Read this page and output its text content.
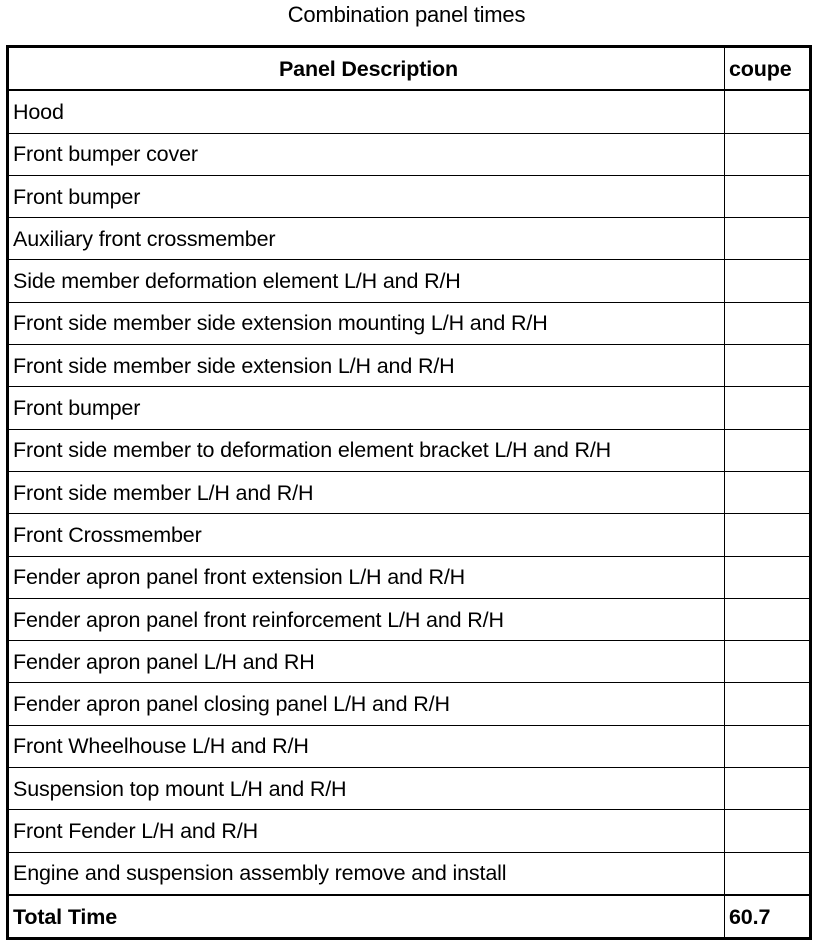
Combination panel times
Panel Description	coupe
Hood	
Front bumper cover	
Front bumper	
Auxiliary front crossmember	
Side member deformation element L/H and R/H	
Front side member side extension mounting L/H and R/H	
Front side member side extension L/H and R/H	
Front bumper	
Front side member to deformation element bracket L/H and R/H	
Front side member L/H and R/H	
Front Crossmember	
Fender apron panel front extension L/H and R/H	
Fender apron panel front reinforcement L/H and R/H	
Fender apron panel L/H and RH	
Fender apron panel closing panel L/H and R/H	
Front Wheelhouse L/H and R/H	
Suspension top mount L/H and R/H	
Front Fender L/H and R/H	
Engine and suspension assembly remove and install	
Total Time	60.7
